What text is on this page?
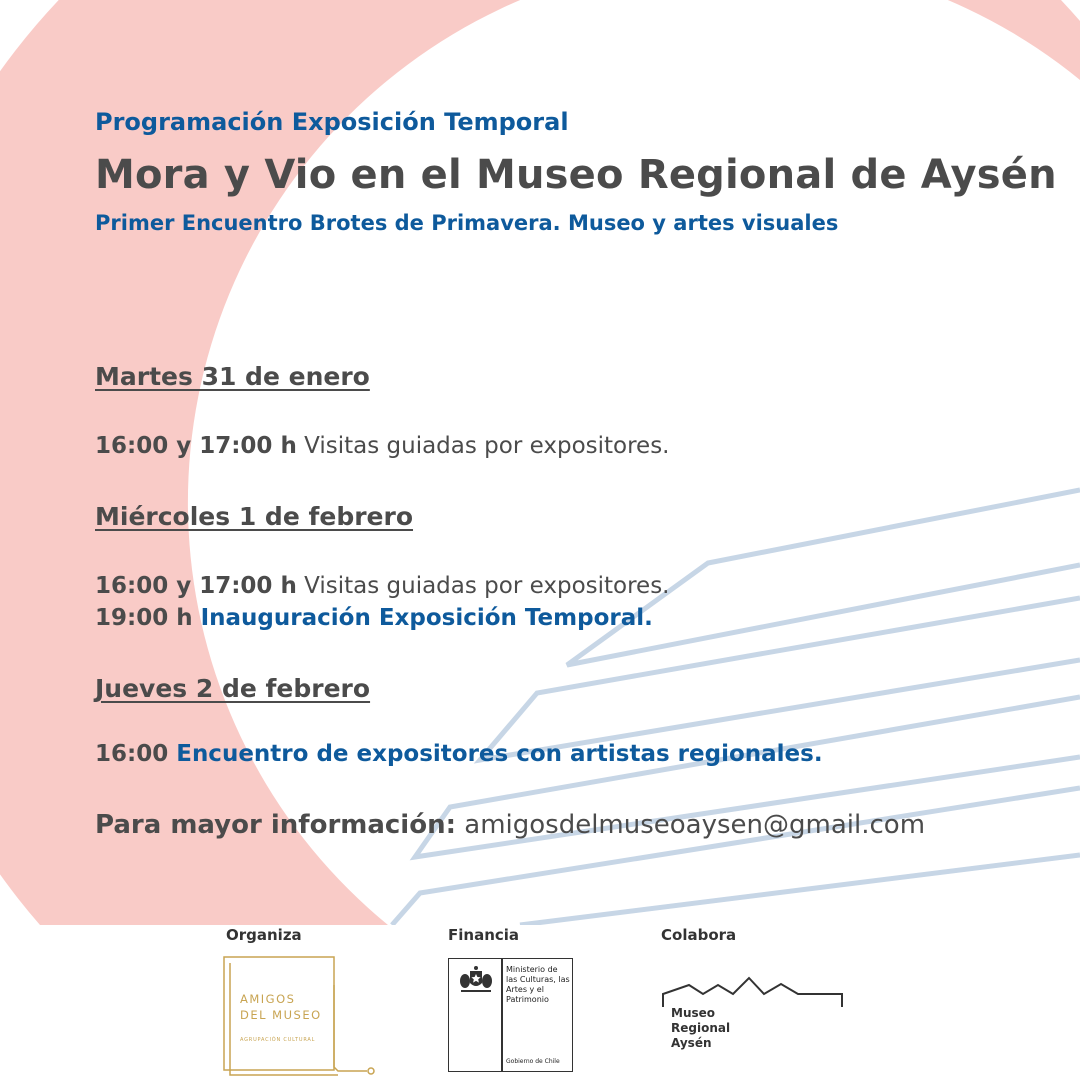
Programación Exposición Temporal

Mora y Vio en el Museo Regional de Aysén

Primer Encuentro Brotes de Primavera. Museo y artes visuales

Martes 31 de enero

16:00 y 17:00 h Visitas guiadas por expositores.

Miércoles 1 de febrero

16:00 y 17:00 h Visitas guiadas por expositores.

19:00 h Inauguración Exposición Temporal.

Jueves 2 de febrero

16:00 Encuentro de expositores con artistas regionales.

Para mayor información: amigosdelmuseoaysen@gmail.com

Organiza	Financia	Colabora

AMIGOS
DEL MUSEO
AGRUPACIÓN CULTURAL
Ministerio de las Culturas, las Artes y el Patrimonio
Gobierno de Chile
Museo
Regional
Aysén
